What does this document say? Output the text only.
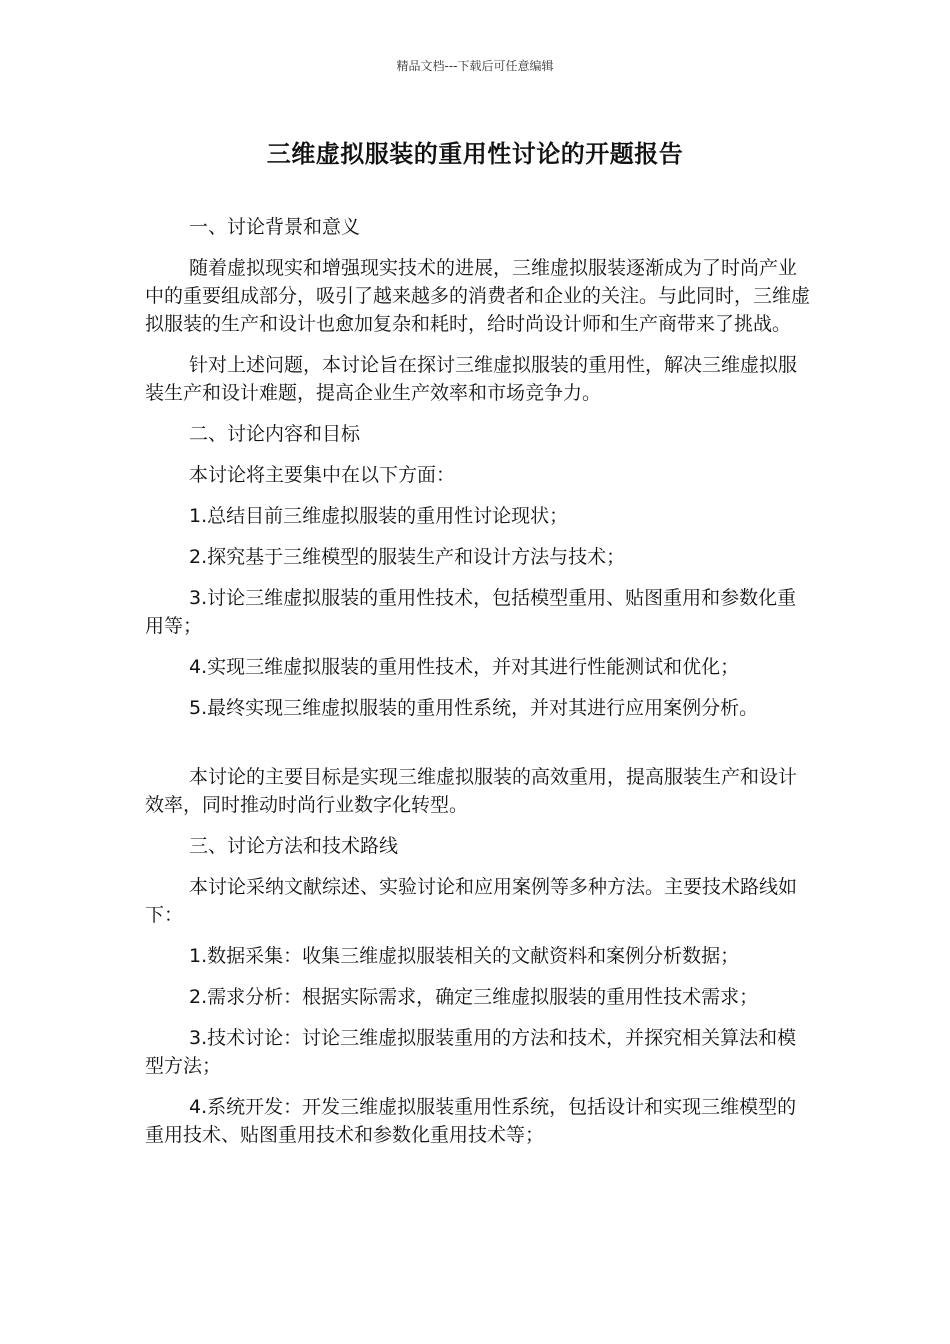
精品文档---下载后可任意编辑
三维虚拟服装的重用性讨论的开题报告

一、讨论背景和意义

随着虚拟现实和增强现实技术的进展，三维虚拟服装逐渐成为了时尚产业中的重要组成部分，吸引了越来越多的消费者和企业的关注。与此同时，三维虚拟服装的生产和设计也愈加复杂和耗时，给时尚设计师和生产商带来了挑战。

针对上述问题，本讨论旨在探讨三维虚拟服装的重用性，解决三维虚拟服装生产和设计难题，提高企业生产效率和市场竞争力。

二、讨论内容和目标

本讨论将主要集中在以下方面：

1.总结目前三维虚拟服装的重用性讨论现状；

2.探究基于三维模型的服装生产和设计方法与技术；

3.讨论三维虚拟服装的重用性技术，包括模型重用、贴图重用和参数化重用等；

4.实现三维虚拟服装的重用性技术，并对其进行性能测试和优化；

5.最终实现三维虚拟服装的重用性系统，并对其进行应用案例分析。

本讨论的主要目标是实现三维虚拟服装的高效重用，提高服装生产和设计效率，同时推动时尚行业数字化转型。

三、讨论方法和技术路线

本讨论采纳文献综述、实验讨论和应用案例等多种方法。主要技术路线如下：

1.数据采集：收集三维虚拟服装相关的文献资料和案例分析数据；

2.需求分析：根据实际需求，确定三维虚拟服装的重用性技术需求；

3.技术讨论：讨论三维虚拟服装重用的方法和技术，并探究相关算法和模型方法；

4.系统开发：开发三维虚拟服装重用性系统，包括设计和实现三维模型的重用技术、贴图重用技术和参数化重用技术等；
